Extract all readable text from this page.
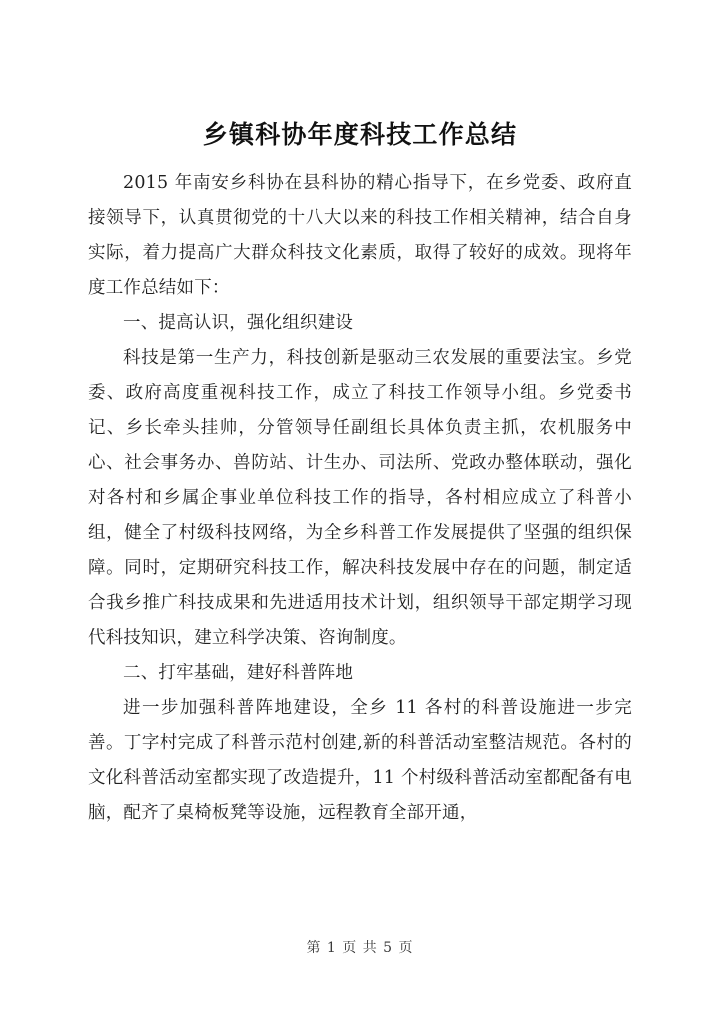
乡镇科协年度科技工作总结

2015 年南安乡科协在县科协的精心指导下，在乡党委、政府直接领导下，认真贯彻党的十八大以来的科技工作相关精神，结合自身实际，着力提高广大群众科技文化素质，取得了较好的成效。现将年度工作总结如下：

一、提高认识，强化组织建设

科技是第一生产力，科技创新是驱动三农发展的重要法宝。乡党委、政府高度重视科技工作，成立了科技工作领导小组。乡党委书记、乡长牵头挂帅，分管领导任副组长具体负责主抓，农机服务中心、社会事务办、兽防站、计生办、司法所、党政办整体联动，强化对各村和乡属企事业单位科技工作的指导，各村相应成立了科普小组，健全了村级科技网络，为全乡科普工作发展提供了坚强的组织保障。同时，定期研究科技工作，解决科技发展中存在的问题，制定适合我乡推广科技成果和先进适用技术计划，组织领导干部定期学习现代科技知识，建立科学决策、咨询制度。

二、打牢基础，建好科普阵地

进一步加强科普阵地建设，全乡 11 各村的科普设施进一步完善。丁字村完成了科普示范村创建,新的科普活动室整洁规范。各村的文化科普活动室都实现了改造提升，11 个村级科普活动室都配备有电脑，配齐了桌椅板凳等设施，远程教育全部开通，

第 1 页 共 5 页
